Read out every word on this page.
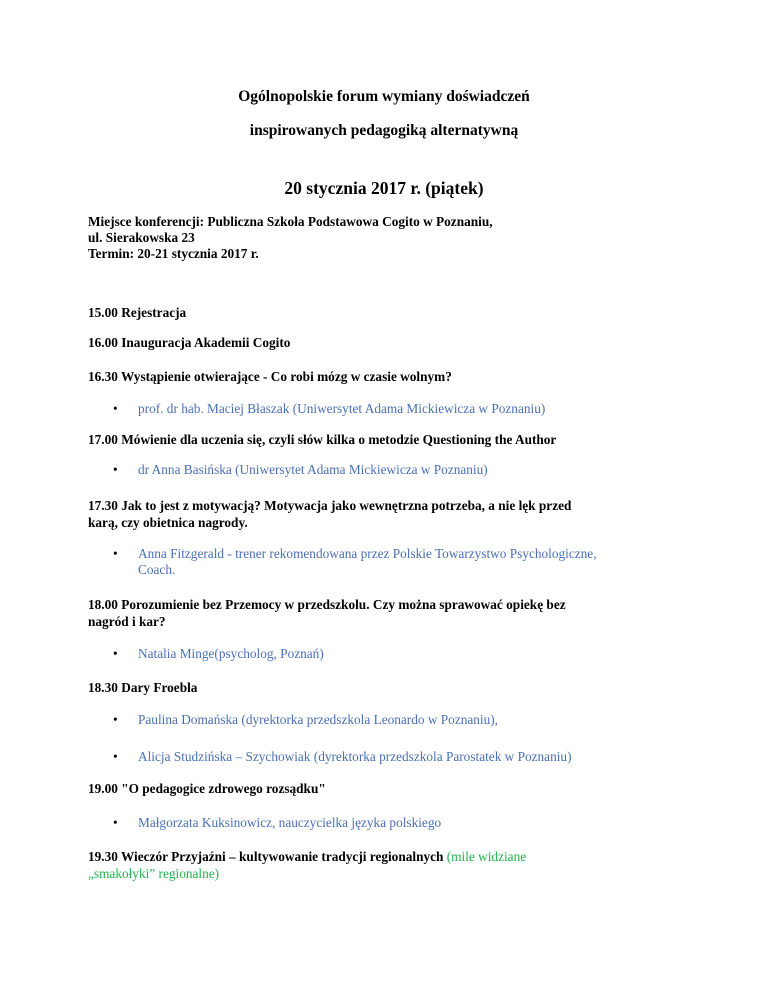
Ogólnopolskie forum wymiany doświadczeń
inspirowanych pedagogiką alternatywną
20 stycznia 2017 r. (piątek)
Miejsce konferencji: Publiczna Szkoła Podstawowa Cogito w Poznaniu,
ul. Sierakowska 23
Termin: 20-21 stycznia 2017 r.
15.00 Rejestracja
16.00 Inauguracja Akademii Cogito
16.30 Wystąpienie otwierające - Co robi mózg w czasie wolnym?
• prof. dr hab. Maciej Błaszak (Uniwersytet Adama Mickiewicza w Poznaniu)
17.00 Mówienie dla uczenia się, czyli słów kilka o metodzie Questioning the Author
• dr Anna Basińska (Uniwersytet Adama Mickiewicza w Poznaniu)
17.30 Jak to jest z motywacją? Motywacja jako wewnętrzna potrzeba, a nie lęk przed
karą, czy obietnica nagrody.
• Anna Fitzgerald - trener rekomendowana przez Polskie Towarzystwo Psychologiczne,
Coach.
18.00 Porozumienie bez Przemocy w przedszkolu. Czy można sprawować opiekę bez
nagród i kar?
• Natalia Minge(psycholog, Poznań)
18.30 Dary Froebla
• Paulina Domańska (dyrektorka przedszkola Leonardo w Poznaniu),
• Alicja Studzińska – Szychowiak (dyrektorka przedszkola Parostatek w Poznaniu)
19.00 "O pedagogice zdrowego rozsądku"
• Małgorzata Kuksinowicz, nauczycielka języka polskiego
19.30 Wieczór Przyjaźni – kultywowanie tradycji regionalnych (mile widziane
„smakołyki” regionalne)
